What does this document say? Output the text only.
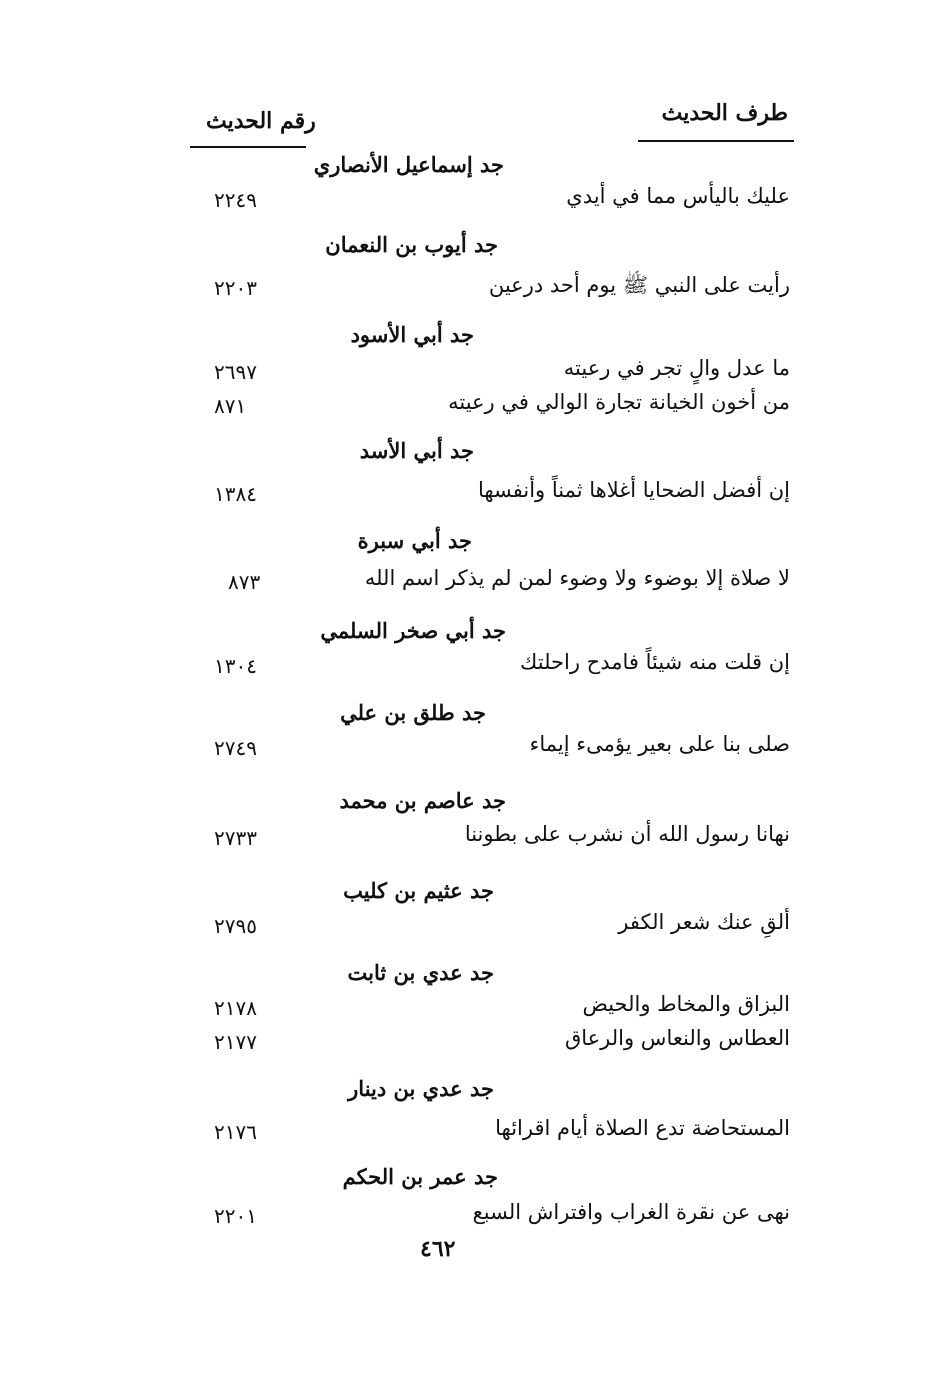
طرف الحديث
رقم الحديث
جد إسماعيل الأنصاري
عليك باليأس مما في أيدي
٢٢٤٩
جد أيوب بن النعمان
رأيت على النبي ﷺ يوم أحد درعين
٢٢٠٣
جد أبي الأسود
ما عدل والٍ تجر في رعيته
٢٦٩٧
من أخون الخيانة تجارة الوالي في رعيته
٨٧١
جد أبي الأسد
إن أفضل الضحايا أغلاها ثمناً وأنفسها
١٣٨٤
جد أبي سبرة
لا صلاة إلا بوضوء ولا وضوء لمن لم يذكر اسم الله
٨٧٣
جد أبي صخر السلمي
إن قلت منه شيئاً فامدح راحلتك
١٣٠٤
جد طلق بن علي
صلى بنا على بعير يؤمىء إيماء
٢٧٤٩
جد عاصم بن محمد
نهانا رسول الله أن نشرب على بطوننا
٢٧٣٣
جد عثيم بن كليب
ألقِ عنك شعر الكفر
٢٧٩٥
جد عدي بن ثابت
البزاق والمخاط والحيض
٢١٧٨
العطاس والنعاس والرعاق
٢١٧٧
جد عدي بن دينار
المستحاضة تدع الصلاة أيام اقرائها
٢١٧٦
جد عمر بن الحكم
نهى عن نقرة الغراب وافتراش السبع
٢٢٠١
٤٦٢
